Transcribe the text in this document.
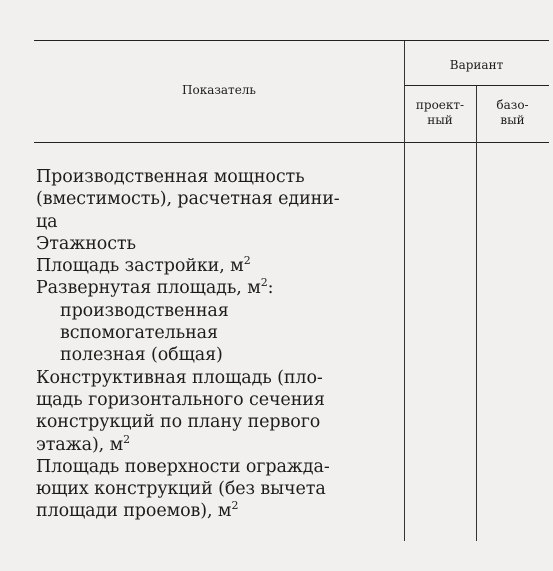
Показатель
Вариант
проект-
ный
базо-
вый
Производственная мощность
(вместимость), расчетная едини-
ца
Этажность
Площадь застройки, $м^2$
Развернутая площадь, $м^2$:
производственная
вспомогательная
полезная (общая)
Конструктивная площадь (пло-
щадь горизонтального сечения
конструкций по плану первого
этажа), $м^2$
Площадь поверхности огражда-
ющих конструкций (без вычета
площади проемов), $м^2$
